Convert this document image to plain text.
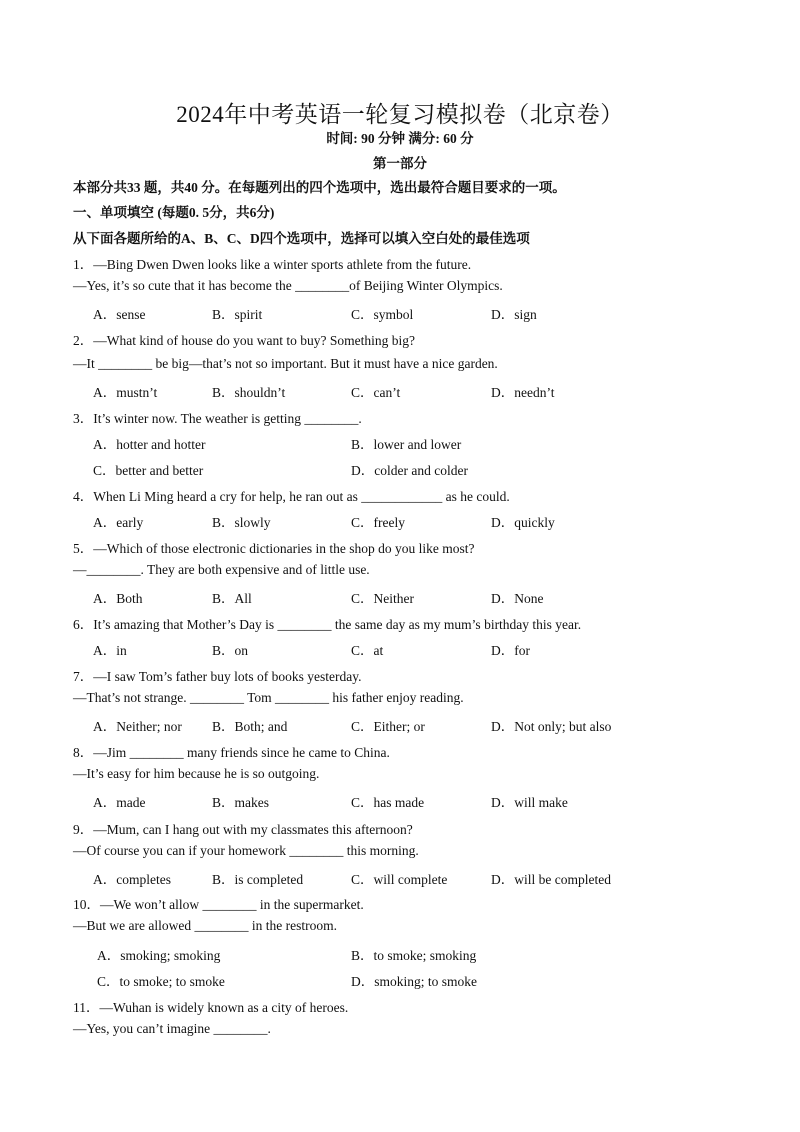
2024年中考英语一轮复习模拟卷（北京卷）
时间: 90 分钟 满分: 60 分
第一部分
本部分共33 题，共40 分。在每题列出的四个选项中，选出最符合题目要求的一项。
一、单项填空 (每题0. 5分，共6分)
从下面各题所给的A、B、C、D四个选项中，选择可以填入空白处的最佳选项
1．—Bing Dwen Dwen looks like a winter sports athlete from the future.
—Yes, it’s so cute that it has become the ________of Beijing Winter Olympics.
A．sense	B．spirit	C．symbol	D．sign
2．—What kind of house do you want to buy? Something big?
—It ________ be big—that’s not so important. But it must have a nice garden.
A．mustn’t	B．shouldn’t	C．can’t	D．needn’t
3．It’s winter now. The weather is getting ________.
A．hotter and hotter	B．lower and lower
C．better and better	D．colder and colder
4．When Li Ming heard a cry for help, he ran out as ____________ as he could.
A．early	B．slowly	C．freely	D．quickly
5．—Which of those electronic dictionaries in the shop do you like most?
—________. They are both expensive and of little use.
A．Both	B．All	C．Neither	D．None
6．It’s amazing that Mother’s Day is ________ the same day as my mum’s birthday this year.
A．in	B．on	C．at	D．for
7．—I saw Tom’s father buy lots of books yesterday.
—That’s not strange. ________ Tom ________ his father enjoy reading.
A．Neither; nor B．Both; and	C．Either; or	D．Not only; but also
8．—Jim ________ many friends since he came to China.
—It’s easy for him because he is so outgoing.
A．made	B．makes	C．has made	D．will make
9．—Mum, can I hang out with my classmates this afternoon?
—Of course you can if your homework ________ this morning.
A．completes	B．is completed	C．will complete	D．will be completed
10．—We won’t allow ________ in the supermarket.
—But we are allowed ________ in the restroom.
A．smoking; smoking	B．to smoke; smoking
C．to smoke; to smoke	D．smoking; to smoke
11．—Wuhan is widely known as a city of heroes.
—Yes, you can’t imagine ________.
